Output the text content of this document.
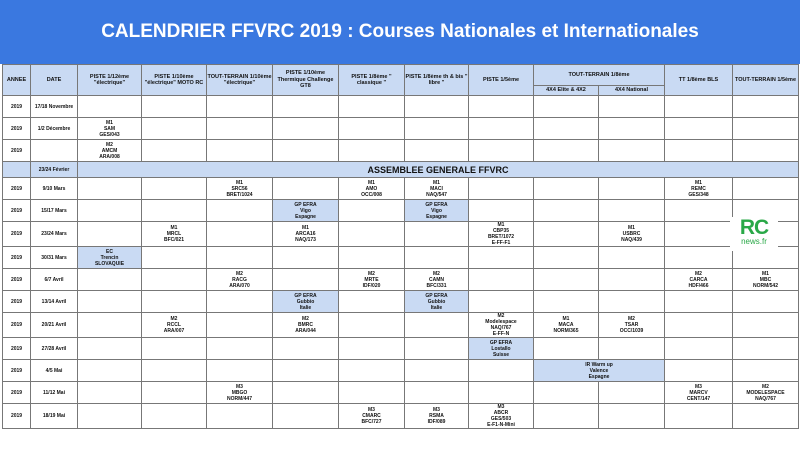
CALENDRIER FFVRC 2019 : Courses Nationales et Internationales
ANNEE	DATE	PISTE 1/12ème "électrique"	PISTE 1/10ème "électrique" MOTO RC	TOUT-TERRAIN 1/10ème "électrique"	PISTE 1/10ème Thermique Challenge GT8	PISTE 1/8ème " classique "	PISTE 1/8ème th & bis " libre "	PISTE 1/5ème	TOUT-TERRAIN 1/8ème		TT 1/8ème BLS	TOUT-TERRAIN 1/5ème
									4X4 Elite & 4X2	4X4 National		
2019	17/18 Novembre											
2019	1/2 Décembre	M1
SAM
GES/043										
2019		M2
AMCM
ARA/008										
	23/24 Février	ASSEMBLEE GENERALE FFVRC										
2019	9/10 Mars			M1
SRC56
BRET/1024		M1
AMO
OCC/008	M1
MACI
NAQ/547				M1
REMC
GES/348	
2019	15/17 Mars				GP EFRA
Vigo
Espagne		GP EFRA
Vigo
Espagne					
2019	23/24 Mars		M1
MRCL
BFC/021		M1
ARCA16
NAQ/173			M1
CBP35
BRET/1072
E-FF-F1		M1
USBRC
NAQ/439		
2019	30/31 Mars	EC
Trencin
SLOVAQUIE										
2019	6/7 Avril			M2
RACG
ARA/070		M2
MRTE
IDF/020	M2
CAMN
BFC/331				M2
CARCA
HDF/466	M1
MBC
NORM/542
2019	13/14 Avril				GP EFRA
Gubbio
Italie		GP EFRA
Gubbio
Italie					
2019	20/21 Avril		M2
RCCL
ARA/007		M2
BMRC
ARA/044			M2
Modelespace
NAQ/767
E-FF-N	M1
MACA
NORM/365	M2
TSAR
OCC/1039		
2019	27/28 Avril							GP EFRA
Lostallo
Suisse				
2019	4/5 Mai								IR Warm up
Valence
Espagne			
2019	11/12 Mai			M3
MBGO
NORM/447							M3
MARCV
CENT/147	M2
MODELESPACE
NAQ/767
2019	18/19 Mai					M3
CMARC
BFC/727	M3
RSMA
IDF/089	M3
ABCR
GES/503
E-F1-N-Mini				
RC
news.fr
